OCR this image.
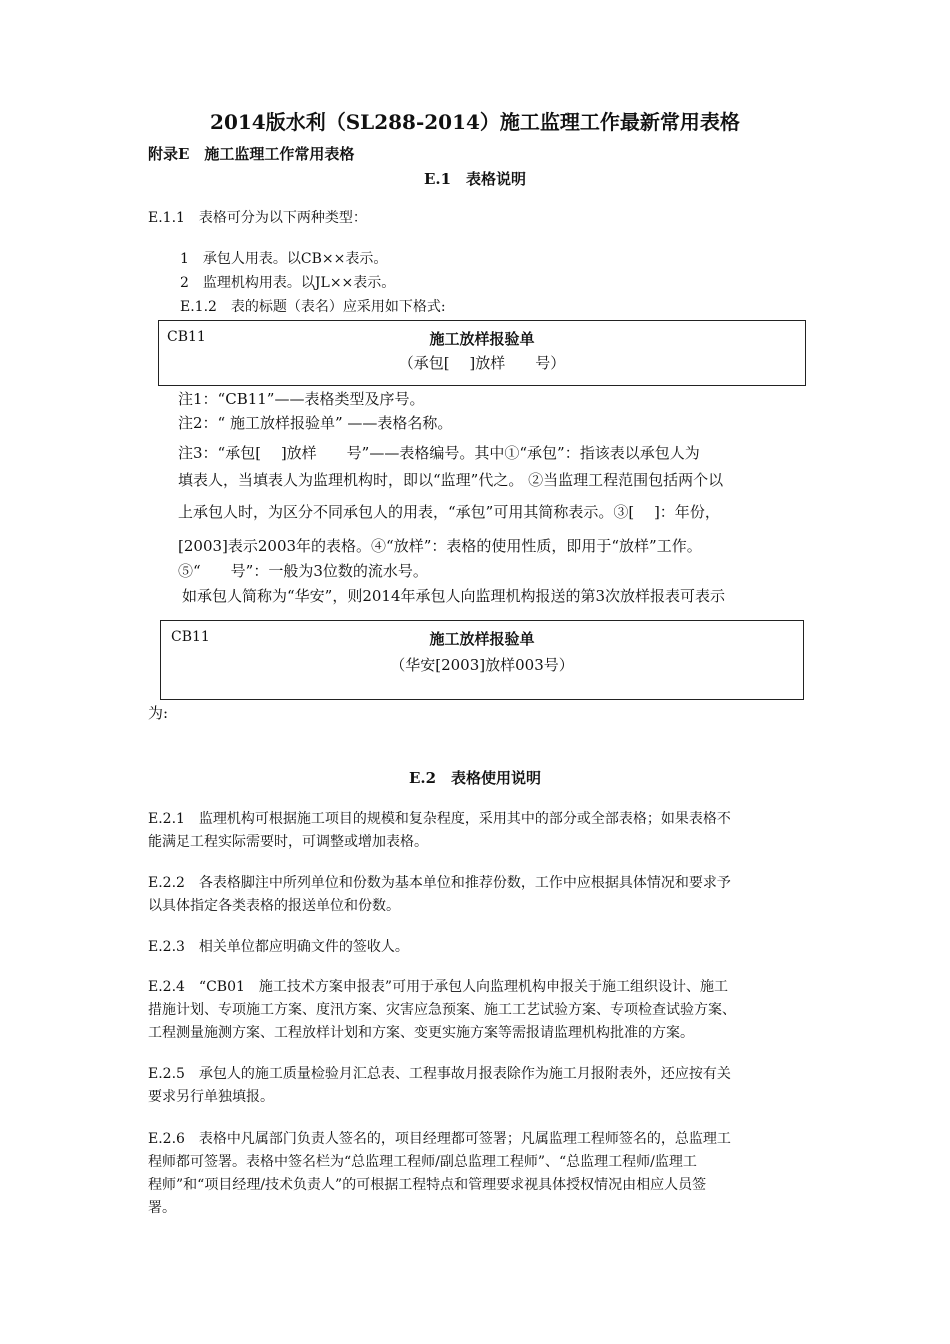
2014版水利（SL288-2014）施工监理工作最新常用表格
附录E　施工监理工作常用表格
E.1　表格说明
E.1.1　表格可分为以下两种类型：
1　承包人用表。以CB××表示。
2　监理机构用表。以JL××表示。
E.1.2　表的标题（表名）应采用如下格式:
CB11	施工放样报验单
（承包[　 ]放样　　号）
注1：“CB11”——表格类型及序号。
注2：“ 施工放样报验单” ——表格名称。
注3：“承包[　 ]放样　　号”——表格编号。其中①“承包”：指该表以承包人为
填表人，当填表人为监理机构时，即以“监理”代之。 ②当监理工程范围包括两个以
上承包人时，为区分不同承包人的用表，“承包”可用其简称表示。③[　 ]：年份，
[2003]表示2003年的表格。④“放样”：表格的使用性质，即用于“放样”工作。
⑤“　　号”：一般为3位数的流水号。
如承包人简称为“华安”，则2014年承包人向监理机构报送的第3次放样报表可表示
CB11	施工放样报验单
（华安[2003]放样003号）
为:
E.2　表格使用说明
E.2.1　监理机构可根据施工项目的规模和复杂程度，采用其中的部分或全部表格；如果表格不
能满足工程实际需要时，可调整或增加表格。
E.2.2　各表格脚注中所列单位和份数为基本单位和推荐份数，工作中应根据具体情况和要求予
以具体指定各类表格的报送单位和份数。
E.2.3　相关单位都应明确文件的签收人。
E.2.4　“CB01　施工技术方案申报表”可用于承包人向监理机构申报关于施工组织设计、施工
措施计划、专项施工方案、度汛方案、灾害应急预案、施工工艺试验方案、专项检查试验方案、
工程测量施测方案、工程放样计划和方案、变更实施方案等需报请监理机构批准的方案。
E.2.5　承包人的施工质量检验月汇总表、工程事故月报表除作为施工月报附表外，还应按有关
要求另行单独填报。
E.2.6　表格中凡属部门负责人签名的，项目经理都可签署；凡属监理工程师签名的，总监理工
程师都可签署。表格中签名栏为“总监理工程师/副总监理工程师”、“总监理工程师/监理工
程师”和“项目经理/技术负责人”的可根据工程特点和管理要求视具体授权情况由相应人员签
署。
